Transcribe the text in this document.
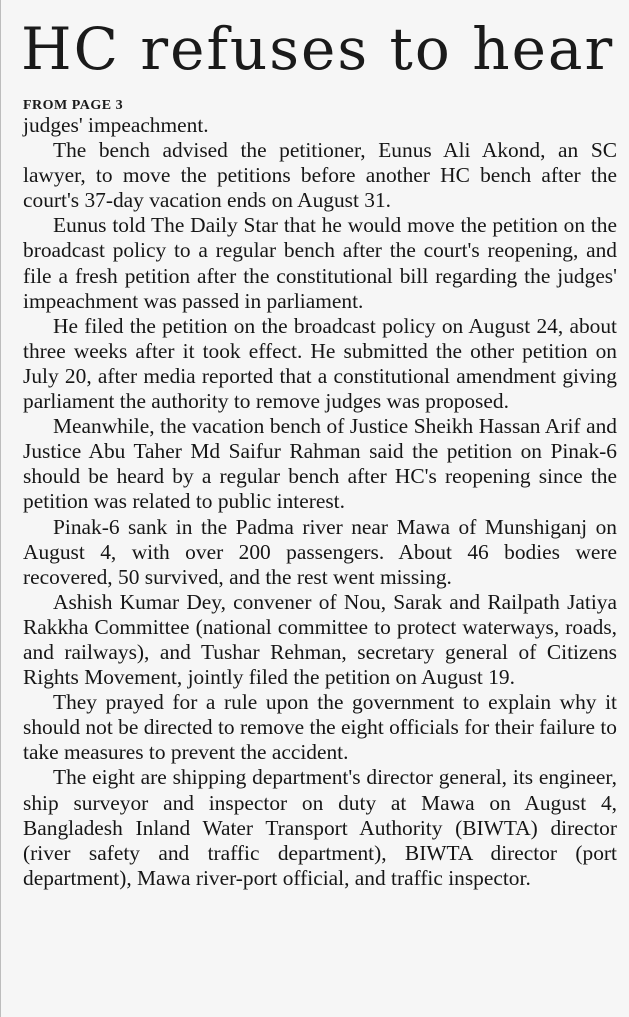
HC refuses to hear
FROM PAGE 3

judges' impeachment.

The bench advised the petitioner, Eunus Ali Akond, an SC lawyer, to move the petitions before another HC bench after the court's 37-day vacation ends on August 31.

Eunus told The Daily Star that he would move the petition on the broadcast policy to a regular bench after the court's reopening, and file a fresh petition after the constitutional bill regarding the judges' impeachment was passed in parliament.

He filed the petition on the broadcast policy on August 24, about three weeks after it took effect. He submitted the other petition on July 20, after media reported that a constitutional amendment giving parliament the authority to remove judges was proposed.

Meanwhile, the vacation bench of Justice Sheikh Hassan Arif and Justice Abu Taher Md Saifur Rahman said the petition on Pinak-6 should be heard by a regular bench after HC's reopening since the petition was related to public interest.

Pinak-6 sank in the Padma river near Mawa of Munshiganj on August 4, with over 200 passengers. About 46 bodies were recovered, 50 survived, and the rest went missing.

Ashish Kumar Dey, convener of Nou, Sarak and Railpath Jatiya Rakkha Committee (national committee to protect waterways, roads, and railways), and Tushar Rehman, secretary general of Citizens Rights Movement, jointly filed the petition on August 19.

They prayed for a rule upon the government to explain why it should not be directed to remove the eight officials for their failure to take measures to prevent the accident.

The eight are shipping department's director general, its engineer, ship surveyor and inspector on duty at Mawa on August 4, Bangladesh Inland Water Transport Authority (BIWTA) director (river safety and traffic department), BIWTA director (port department), Mawa river-port official, and traffic inspector.
